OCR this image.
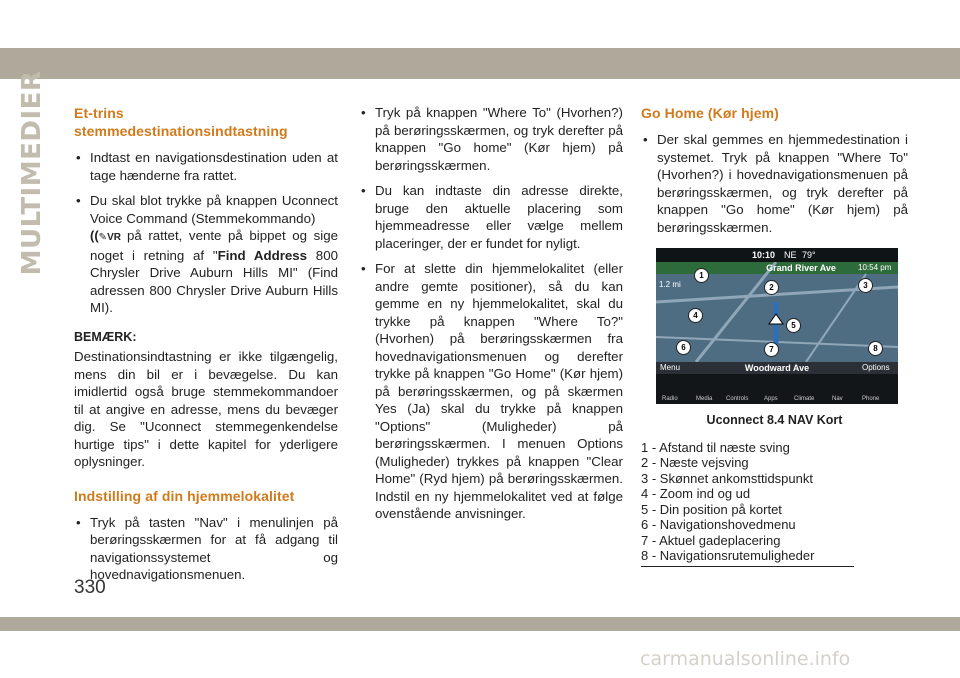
MULTIMEDIER Et-trins stemmedestinationsindtastning
• Indtast en navigationsdestination uden at tage hænderne fra rattet.
• Du skal blot trykke på knappen Uconnect Voice Command (Stemmekommando)
((✎VR på rattet, vente på bippet og sige noget i retning af "Find Address 800 Chrysler Drive Auburn Hills MI" (Find adressen 800 Chrysler Drive Auburn Hills MI).
BEMÆRK:
Destinationsindtastning er ikke tilgængelig, mens din bil er i bevægelse. Du kan imidlertid også bruge stemmekommandoer til at angive en adresse, mens du bevæger dig. Se "Uconnect stemmegenkendelse hurtige tips" i dette kapitel for yderligere oplysninger.
Indstilling af din hjemmelokalitet
• Tryk på tasten "Nav" i menulinjen på berøringsskærmen for at få adgang til navigationssystemet og hovednavigationsmenuen.
• Tryk på knappen "Where To" (Hvorhen?) på berøringsskærmen, og tryk derefter på knappen "Go home" (Kør hjem) på berøringsskærmen.
• Du kan indtaste din adresse direkte, bruge den aktuelle placering som hjemmeadresse eller vælge mellem placeringer, der er fundet for nyligt.
• For at slette din hjemmelokalitet (eller andre gemte positioner), så du kan gemme en ny hjemmelokalitet, skal du trykke på knappen "Where To?" (Hvorhen) på berøringsskærmen fra hovednavigationsmenuen og derefter trykke på knappen "Go Home" (Kør hjem) på berøringsskærmen, og på skærmen Yes (Ja) skal du trykke på knappen "Options" (Muligheder) på berøringsskærmen. I menuen Options (Muligheder) trykkes på knappen "Clear Home" (Ryd hjem) på berøringsskærmen. Indstil en ny hjemmelokalitet ved at følge ovenstående anvisninger.
Go Home (Kør hjem)
• Der skal gemmes en hjemmedestination i systemet. Tryk på knappen "Where To" (Hvorhen?) i hovednavigationsmenuen på berøringsskærmen, og tryk derefter på knappen "Go home" (Kør hjem) på berøringsskærmen.
10:10 NE 79°
Grand River Ave	10:54 pm
1.2 mi
Menu	Woodward Ave	Options
Radio	Media Controls	Apps	Climate	Nav	Phone
1
2	3
4
5
6	7	8
Uconnect 8.4 NAV Kort
1 - Afstand til næste sving
2 - Næste vejsving
3 - Skønnet ankomsttidspunkt
4 - Zoom ind og ud
5 - Din position på kortet
6 - Navigationshovedmenu
7 - Aktuel gadeplacering
8 - Navigationsrutemuligheder
330
carmanualsonline.info
